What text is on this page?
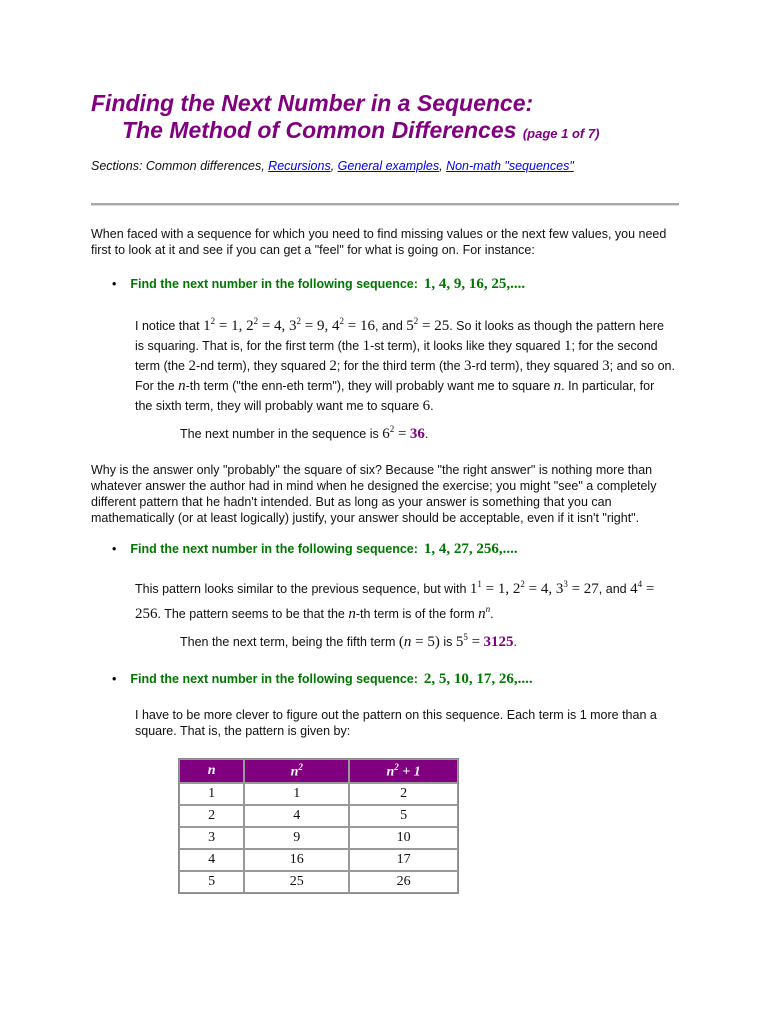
Finding the Next Number in a Sequence:
The Method of Common Differences (page 1 of 7)
Sections: Common differences, Recursions, General examples, Non-math "sequences"
When faced with a sequence for which you need to find missing values or the next few values, you need first to look at it and see if you can get a "feel" for what is going on. For instance:
• Find the next number in the following sequence: 1, 4, 9, 16, 25,....
I notice that $1^2 = 1$, $2^2 = 4$, $3^2 = 9$, $4^2 = 16$, and $5^2 = 25$. So it looks as though the pattern here is squaring. That is, for the first term (the 1-st term), it looks like they squared 1; for the second term (the 2-nd term), they squared 2; for the third term (the 3-rd term), they squared 3; and so on. For the n-th term ("the enn-eth term"), they will probably want me to square n. In particular, for the sixth term, they will probably want me to square 6.
The next number in the sequence is $6^2 = 36$.
Why is the answer only "probably" the square of six? Because "the right answer" is nothing more than whatever answer the author had in mind when he designed the exercise; you might "see" a completely different pattern that he hadn't intended. But as long as your answer is something that you can mathematically (or at least logically) justify, your answer should be acceptable, even if it isn't "right".
• Find the next number in the following sequence: 1, 4, 27, 256,....
This pattern looks similar to the previous sequence, but with $1^1 = 1$, $2^2 = 4$, $3^3 = 27$, and $4^4 = 256$. The pattern seems to be that the n-th term is of the form $n^n$.
Then the next term, being the fifth term (n = 5) is $5^5 = 3125$.
• Find the next number in the following sequence: 2, 5, 10, 17, 26,....
I have to be more clever to figure out the pattern on this sequence. Each term is 1 more than a square. That is, the pattern is given by:
n	$n^2$	$n^2 + 1$
1	1	2
2	4	5
3	9	10
4	16	17
5	25	26
